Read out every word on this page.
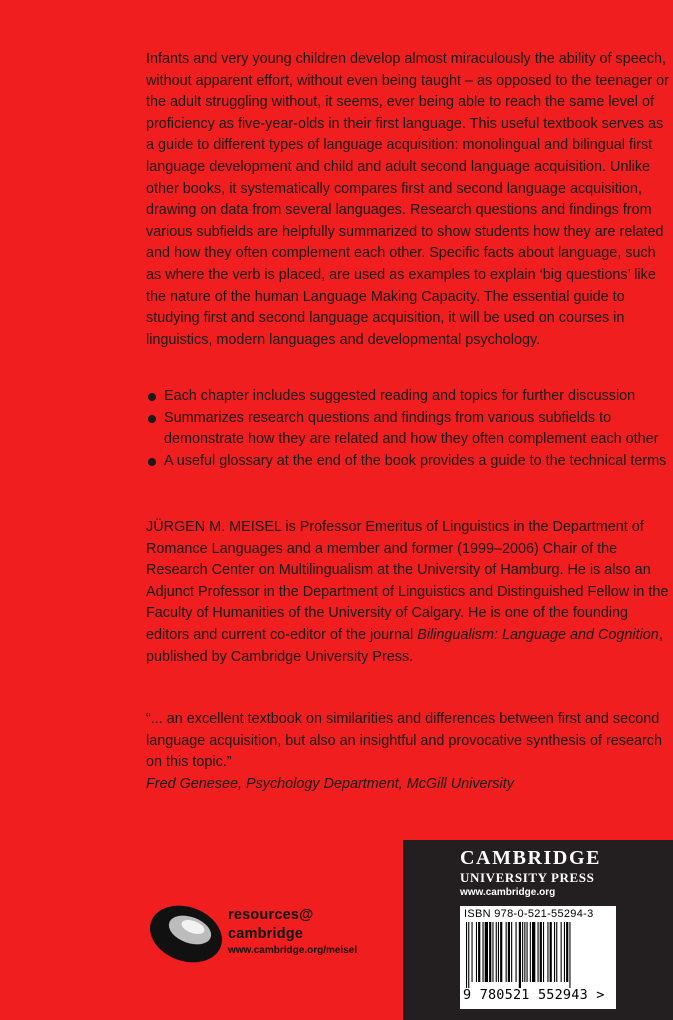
Infants and very young children develop almost miraculously the ability of speech, without apparent effort, without even being taught – as opposed to the teenager or the adult struggling without, it seems, ever being able to reach the same level of proficiency as five-year-olds in their first language. This useful textbook serves as a guide to different types of language acquisition: monolingual and bilingual first language development and child and adult second language acquisition. Unlike other books, it systematically compares first and second language acquisition, drawing on data from several languages. Research questions and findings from various subfields are helpfully summarized to show students how they are related and how they often complement each other. Specific facts about language, such as where the verb is placed, are used as examples to explain ‘big questions’ like the nature of the human Language Making Capacity. The essential guide to studying first and second language acquisition, it will be used on courses in linguistics, modern languages and developmental psychology.
Each chapter includes suggested reading and topics for further discussion
Summarizes research questions and findings from various subfields to demonstrate how they are related and how they often complement each other
A useful glossary at the end of the book provides a guide to the technical terms
JÜRGEN M. MEISEL is Professor Emeritus of Linguistics in the Department of Romance Languages and a member and former (1999–2006) Chair of the Research Center on Multilingualism at the University of Hamburg. He is also an Adjunct Professor in the Department of Linguistics and Distinguished Fellow in the Faculty of Humanities of the University of Calgary. He is one of the founding editors and current co-editor of the journal Bilingualism: Language and Cognition, published by Cambridge University Press.
“... an excellent textbook on similarities and differences between first and second language acquisition, but also an insightful and provocative synthesis of research on this topic.”
Fred Genesee, Psychology Department, McGill University
resources@
cambridge
www.cambridge.org/meisel
CAMBRIDGE
UNIVERSITY PRESS
www.cambridge.org
ISBN 978-0-521-55294-3
9 780521 552943 >
